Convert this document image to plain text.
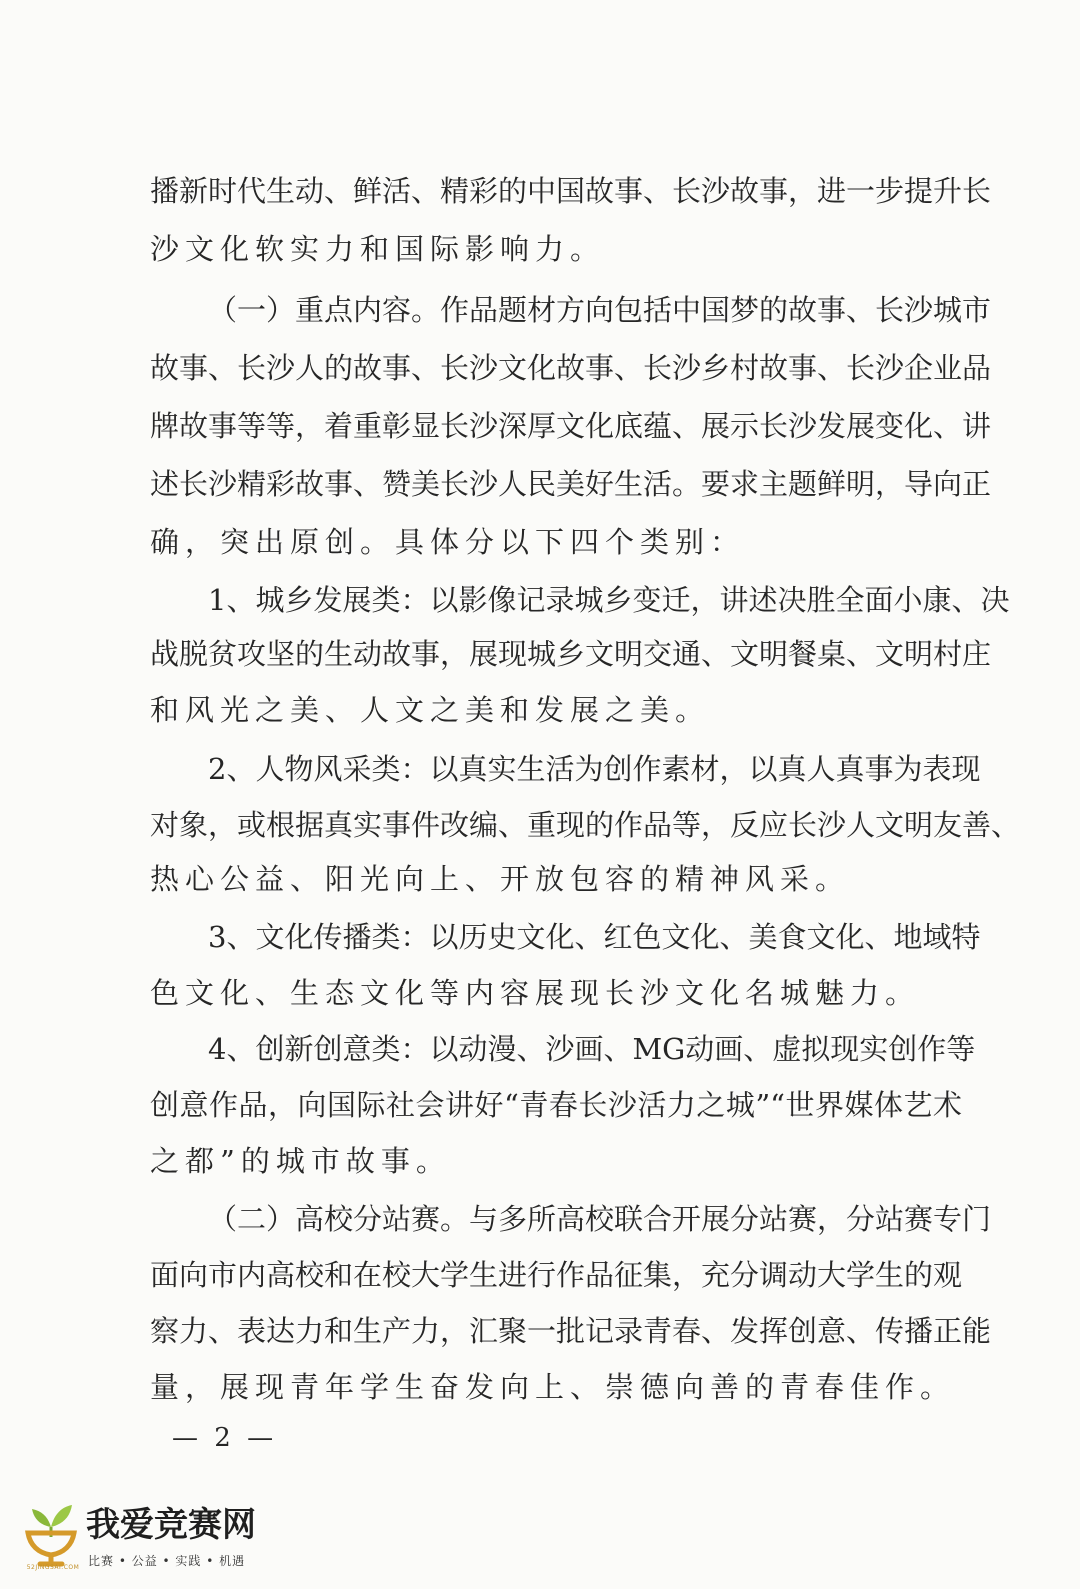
播新时代生动、鲜活、精彩的中国故事、长沙故事，进一步提升长
沙文化软实力和国际影响力。
（一）重点内容。作品题材方向包括中国梦的故事、长沙城市
故事、长沙人的故事、长沙文化故事、长沙乡村故事、长沙企业品
牌故事等等，着重彰显长沙深厚文化底蕴、展示长沙发展变化、讲
述长沙精彩故事、赞美长沙人民美好生活。要求主题鲜明，导向正
确，突出原创。具体分以下四个类别：
1、城乡发展类：以影像记录城乡变迁，讲述决胜全面小康、决
战脱贫攻坚的生动故事，展现城乡文明交通、文明餐桌、文明村庄
和风光之美、人文之美和发展之美。
2、人物风采类：以真实生活为创作素材，以真人真事为表现
对象，或根据真实事件改编、重现的作品等，反应长沙人文明友善、
热心公益、阳光向上、开放包容的精神风采。
3、文化传播类：以历史文化、红色文化、美食文化、地域特
色文化、生态文化等内容展现长沙文化名城魅力。
4、创新创意类：以动漫、沙画、MG动画、虚拟现实创作等
创意作品，向国际社会讲好“青春长沙活力之城”“世界媒体艺术
之都”的城市故事。
（二）高校分站赛。与多所高校联合开展分站赛，分站赛专门
面向市内高校和在校大学生进行作品征集，充分调动大学生的观
察力、表达力和生产力，汇聚一批记录青春、发挥创意、传播正能
量，展现青年学生奋发向上、崇德向善的青春佳作。
— 2 —
52JINGSAI.COM
我爱竞赛网
比赛 • 公益 • 实践 • 机遇
